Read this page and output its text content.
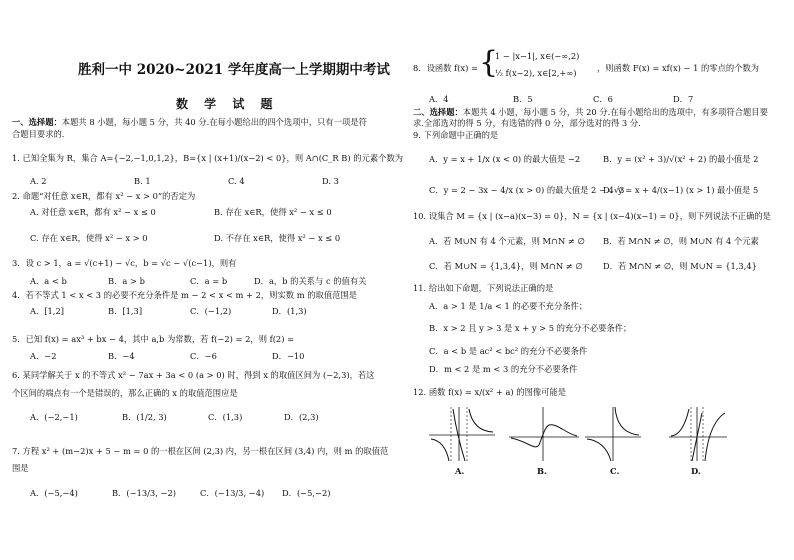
胜利一中 2020~2021 学年度高一上学期期中考试
数 学 试 题
一、选择题：本题共 8 小题，每小题 5 分，共 40 分.在每小题给出的四个选项中，只有一项是符
合题目要求的.
1. 已知全集为 R，集合 A={−2,−1,0,1,2}，B={x | (x+1)/(x−2) < 0}，则 A∩(C_R B) 的元素个数为
A. 2	B. 1	C. 4	D. 3
2. 命题“对任意 x∈R，都有 x² − x > 0”的否定为
A. 对任意 x∈R，都有 x² − x ≤ 0	B. 存在 x∈R，使得 x² − x ≤ 0
C. 存在 x∈R，使得 x² − x > 0	D. 不存在 x∈R，使得 x² − x ≤ 0
3．设 c > 1，a = √(c+1) − √c，b = √c − √(c−1)，则有
A．a < b	B．a > b	C．a = b	D．a，b 的关系与 c 的值有关
4．若不等式 1 < x < 3 的必要不充分条件是 m − 2 < x < m + 2，则实数 m 的取值范围是
A．[1,2]	B．[1,3]	C．(−1,2)	D．(1,3)
5．已知 f(x) = ax³ + bx − 4，其中 a,b 为常数，若 f(−2) = 2，则 f(2) =
A．−2	B．−4	C．−6	D．−10
6. 某同学解关于 x 的不等式 x² − 7ax + 3a < 0 (a > 0) 时，得到 x 的取值区间为 (−2,3)，若这
个区间的端点有一个是错误的，那么正确的 x 的取值范围应是
A．(−2,−1)	B．(1/2, 3)	C．(1,3)	D．(2,3)
7. 方程 x² + (m−2)x + 5 − m = 0 的一根在区间 (2,3) 内，另一根在区间 (3,4) 内，则 m 的取值范
围是
A．(−5,−4)	B．(−13/3, −2)	C．(−13/3, −4) D．(−5,−2)
8．设函数 f(x) = {
1 − |x−1|, x∈(−∞,2)
½ f(x−2), x∈[2,+∞) ，则函数 F(x) = xf(x) − 1 的零点的个数为
A．4	B．5	C．6	D．7
二、选择题：本题共 4 小题，每小题 5 分，共 20 分.在每小题给出的选项中，有多项符合题目要
求.全部选对的得 5 分，有选错的得 0 分，部分选对的得 3 分.
9. 下列命题中正确的是
A．y = x + 1/x (x < 0) 的最大值是 −2	B．y = (x² + 3)/√(x² + 2) 的最小值是 2
C．y = 2 − 3x − 4/x (x > 0) 的最大值是 2 − 4√3
D．y = x + 4/(x−1) (x > 1) 最小值是 5
10. 设集合 M = {x | (x−a)(x−3) = 0}，N = {x | (x−4)(x−1) = 0}，则下列说法不正确的是
A．若 M∪N 有 4 个元素，则 M∩N ≠ ∅ B．若 M∩N ≠ ∅，则 M∪N 有 4 个元素
C．若 M∪N = {1,3,4}，则 M∩N ≠ ∅ D．若 M∩N ≠ ∅，则 M∪N = {1,3,4}
11. 给出如下命题，下列说法正确的是
A．a > 1 是 1/a < 1 的必要不充分条件；
B．x > 2 且 y > 3 是 x + y > 5 的充分不必要条件；
C．a < b 是 ac² < bc² 的充分不必要条件
D．m < 2 是 m < 3 的充分不必要条件
12. 函数 f(x) = x/(x² + a) 的图像可能是
A.	B.	C.	D.
